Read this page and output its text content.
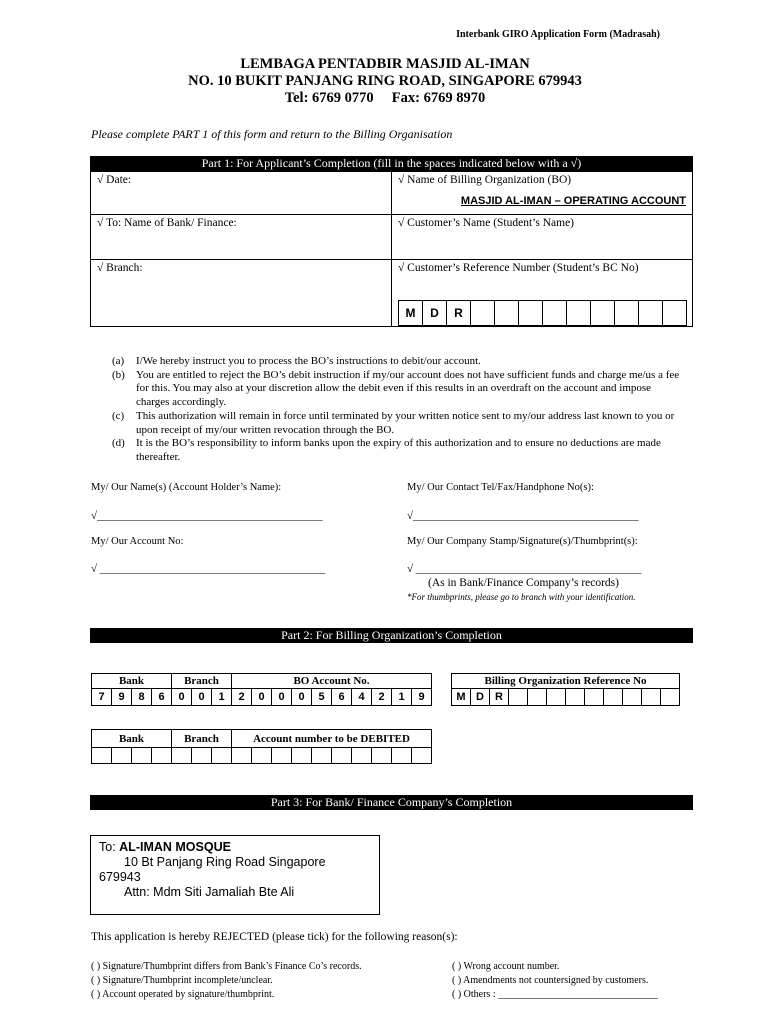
Interbank GIRO Application Form (Madrasah)
LEMBAGA PENTADBIR MASJID AL-IMAN
NO. 10 BUKIT PANJANG RING ROAD, SINGAPORE 679943
Tel: 6769 0770     Fax: 6769 8970
Please complete PART 1 of this form and return to the Billing Organisation
Part 1: For Applicant’s Completion (fill in the spaces indicated below with a √)
√ Date:	√ Name of Billing Organization (BO)
MASJID AL-IMAN – OPERATING ACCOUNT
√ To: Name of Bank/ Finance:	√ Customer’s Name (Student’s Name)
√ Branch:	√ Customer’s Reference Number (Student’s BC No)
M	D	R
(a)	I/We hereby instruct you to process the BO’s instructions to debit/our account.
(b)	You are entitled to reject the BO’s debit instruction if my/our account does not have sufficient funds and charge me/us a fee for this. You may also at your discretion allow the debit even if this results in an overdraft on the account and impose charges accordingly.
(c)	This authorization will remain in force until terminated by your written notice sent to my/our address last known to you or upon receipt of my/our written revocation through the BO.
(d)	It is the BO’s responsibility to inform banks upon the expiry of this authorization and to ensure no deductions are made thereafter.
My/ Our Name(s) (Account Holder’s Name):	My/ Our Contact Tel/Fax/Handphone No(s):
√_________________________________________	√_________________________________________
My/ Our Account No:	My/ Our Company Stamp/Signature(s)/Thumbprint(s):
√ _________________________________________	√ _________________________________________
(As in Bank/Finance Company’s records)
*For thumbprints, please go to branch with your identification.
Part 2: For Billing Organization’s Completion
Bank				Branch			BO Account No.									
7	9	8	6	0	0	1	2	0	0	0	5	6	4	2	1	9
Billing Organization Reference No
M	D	R									
Bank				Branch			Account number to be DEBITED									

Part 3: For Bank/ Finance Company’s Completion
To: AL-IMAN MOSQUE
10 Bt Panjang Ring Road Singapore
679943
Attn: Mdm Siti Jamaliah Bte Ali
This application is hereby REJECTED (please tick) for the following reason(s):
( ) Signature/Thumbprint differs from Bank’s Finance Co’s records.
( ) Signature/Thumbprint incomplete/unclear.
( ) Account operated by signature/thumbprint.
( ) Wrong account number.
( ) Amendments not countersigned by customers.
( ) Others : ________________________________
